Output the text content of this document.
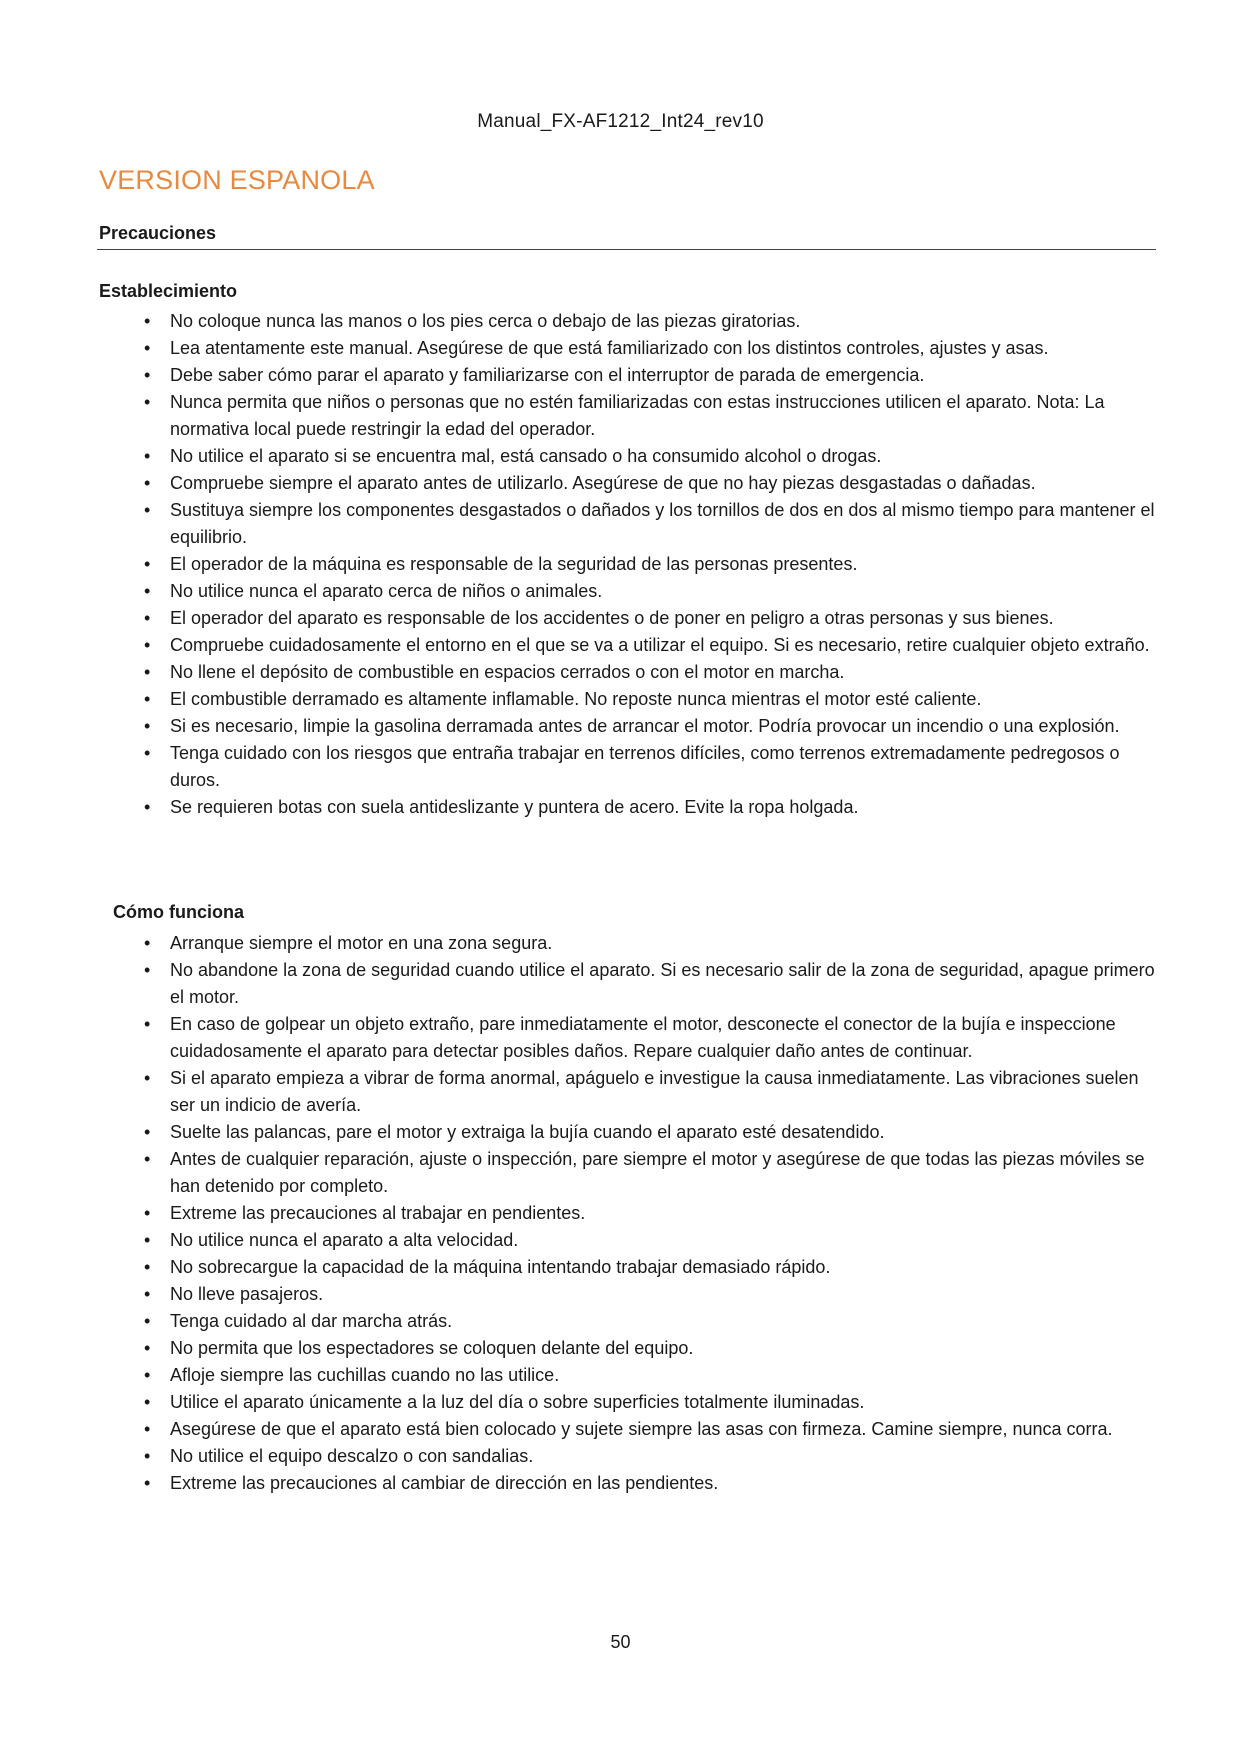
Manual_FX-AF1212_Int24_rev10
VERSION ESPANOLA
Precauciones
Establecimiento
• No coloque nunca las manos o los pies cerca o debajo de las piezas giratorias.
• Lea atentamente este manual. Asegúrese de que está familiarizado con los distintos controles, ajustes y asas.
• Debe saber cómo parar el aparato y familiarizarse con el interruptor de parada de emergencia.
• Nunca permita que niños o personas que no estén familiarizadas con estas instrucciones utilicen el aparato. Nota: La normativa local puede restringir la edad del operador.
• No utilice el aparato si se encuentra mal, está cansado o ha consumido alcohol o drogas.
• Compruebe siempre el aparato antes de utilizarlo. Asegúrese de que no hay piezas desgastadas o dañadas.
• Sustituya siempre los componentes desgastados o dañados y los tornillos de dos en dos al mismo tiempo para mantener el equilibrio.
• El operador de la máquina es responsable de la seguridad de las personas presentes.
• No utilice nunca el aparato cerca de niños o animales.
• El operador del aparato es responsable de los accidentes o de poner en peligro a otras personas y sus bienes.
• Compruebe cuidadosamente el entorno en el que se va a utilizar el equipo. Si es necesario, retire cualquier objeto extraño.
• No llene el depósito de combustible en espacios cerrados o con el motor en marcha.
• El combustible derramado es altamente inflamable. No reposte nunca mientras el motor esté caliente.
• Si es necesario, limpie la gasolina derramada antes de arrancar el motor. Podría provocar un incendio o una explosión.
• Tenga cuidado con los riesgos que entraña trabajar en terrenos difíciles, como terrenos extremadamente pedregosos o duros.
• Se requieren botas con suela antideslizante y puntera de acero. Evite la ropa holgada.
Cómo funciona
• Arranque siempre el motor en una zona segura.
• No abandone la zona de seguridad cuando utilice el aparato. Si es necesario salir de la zona de seguridad, apague primero el motor.
• En caso de golpear un objeto extraño, pare inmediatamente el motor, desconecte el conector de la bujía e inspeccione cuidadosamente el aparato para detectar posibles daños. Repare cualquier daño antes de continuar.
• Si el aparato empieza a vibrar de forma anormal, apáguelo e investigue la causa inmediatamente. Las vibraciones suelen ser un indicio de avería.
• Suelte las palancas, pare el motor y extraiga la bujía cuando el aparato esté desatendido.
• Antes de cualquier reparación, ajuste o inspección, pare siempre el motor y asegúrese de que todas las piezas móviles se han detenido por completo.
• Extreme las precauciones al trabajar en pendientes.
• No utilice nunca el aparato a alta velocidad.
• No sobrecargue la capacidad de la máquina intentando trabajar demasiado rápido.
• No lleve pasajeros.
• Tenga cuidado al dar marcha atrás.
• No permita que los espectadores se coloquen delante del equipo.
• Afloje siempre las cuchillas cuando no las utilice.
• Utilice el aparato únicamente a la luz del día o sobre superficies totalmente iluminadas.
• Asegúrese de que el aparato está bien colocado y sujete siempre las asas con firmeza. Camine siempre, nunca corra.
• No utilice el equipo descalzo o con sandalias.
• Extreme las precauciones al cambiar de dirección en las pendientes.
50
